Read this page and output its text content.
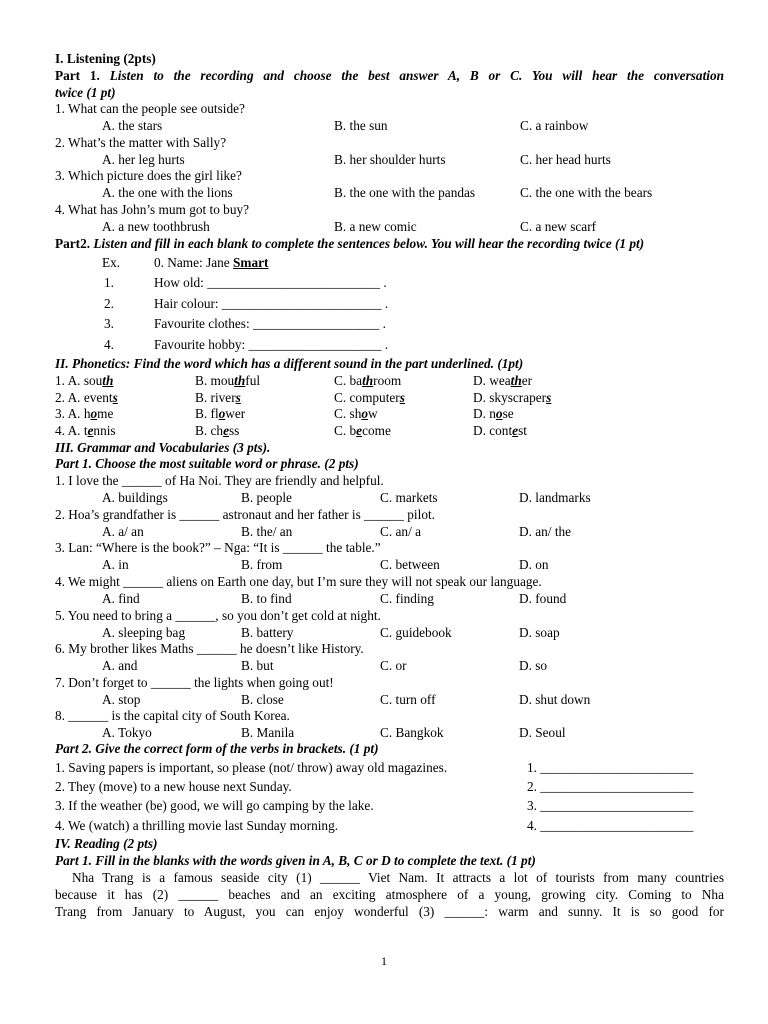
I. Listening (2pts)
Part 1. Listen to the recording and choose the best answer A, B or C. You will hear the conversation
twice (1 pt)
1. What can the people see outside?
A. the stars	B. the sun	C. a rainbow
2. What’s the matter with Sally?
A. her leg hurts	B. her shoulder hurts	C. her head hurts
3. Which picture does the girl like?
A. the one with the lions	B. the one with the pandas	C. the one with the bears
4. What has John’s mum got to buy?
A. a new toothbrush	B. a new comic	C. a new scarf
Part2. Listen and fill in each blank to complete the sentences below. You will hear the recording twice (1 pt)
Ex.	0. Name: Jane Smart
1.	How old: __________________________ .
2.	Hair colour: ________________________ .
3.	Favourite clothes: ___________________ .
4.	Favourite hobby: ____________________ .
II. Phonetics: Find the word which has a different sound in the part underlined. (1pt)
1. A. south	B. mouthful	C. bathroom	D. weather
2. A. events	B. rivers	C. computers	D. skyscrapers
3. A. home	B. flower	C. show	D. nose
4. A. tennis	B. chess	C. become	D. contest
III. Grammar and Vocabularies (3 pts).
Part 1. Choose the most suitable word or phrase. (2 pts)
1. I love the ______ of Ha Noi. They are friendly and helpful.
A. buildings	B. people	C. markets	D. landmarks
2. Hoa’s grandfather is ______ astronaut and her father is ______ pilot.
A. a/ an	B. the/ an	C. an/ a	D. an/ the
3. Lan: “Where is the book?” – Nga: “It is ______ the table.”
A. in	B. from	C. between	D. on
4. We might ______ aliens on Earth one day, but I’m sure they will not speak our language.
A. find	B. to find	C. finding	D. found
5. You need to bring a ______, so you don’t get cold at night.
A. sleeping bag	B. battery	C. guidebook	D. soap
6. My brother likes Maths ______ he doesn’t like History.
A. and	B. but	C. or	D. so
7. Don’t forget to ______ the lights when going out!
A. stop	B. close	C. turn off	D. shut down
8. ______ is the capital city of South Korea.
A. Tokyo	B. Manila	C. Bangkok	D. Seoul
Part 2. Give the correct form of the verbs in brackets. (1 pt)
1. Saving papers is important, so please (not/ throw) away old magazines.	1. _______________________
2. They (move) to a new house next Sunday.	2. _______________________
3. If the weather (be) good, we will go camping by the lake.	3. _______________________
4. We (watch) a thrilling movie last Sunday morning.	4. _______________________
IV. Reading (2 pts)
Part 1. Fill in the blanks with the words given in A, B, C or D to complete the text. (1 pt)
Nha Trang is a famous seaside city (1) ______ Viet Nam. It attracts a lot of tourists from many countries
because it has (2) ______ beaches and an exciting atmosphere of a young, growing city. Coming to Nha
Trang from January to August, you can enjoy wonderful (3) ______: warm and sunny. It is so good for
1
